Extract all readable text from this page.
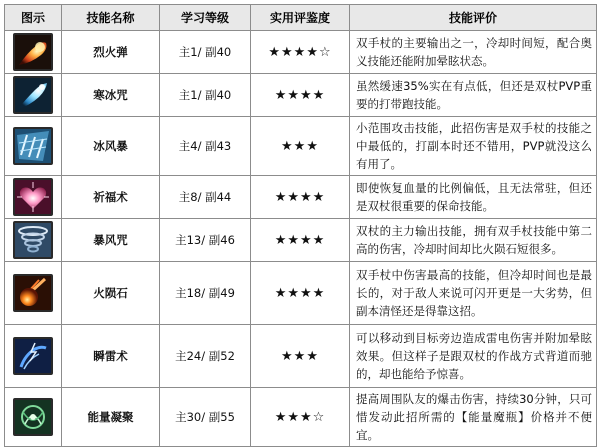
图示	技能名称	学习等级	实用评鉴度	技能评价

	烈火弹	主1/ 副40	★★★★☆	双手杖的主要输出之一，冷却时间短，配合奥义技能还能附加晕眩状态。

	寒冰咒	主1/ 副40	★★★★	虽然缓速35%实在有点低，但还是双杖PVP重要的打带跑技能。

	冰风暴	主4/ 副43	★★★	小范围攻击技能，此招伤害是双手杖的技能之中最低的，打副本时还不错用，PVP就没这么有用了。

	祈福术	主8/ 副44	★★★★	即使恢复血量的比例偏低，且无法常驻，但还是双杖很重要的保命技能。

	暴风咒	主13/ 副46	★★★★	双杖的主力输出技能，拥有双手杖技能中第二高的伤害，冷却时间却比火陨石短很多。

	火陨石	主18/ 副49	★★★★	双手杖中伤害最高的技能，但冷却时间也是最长的，对于敌人来说可闪开更是一大劣势，但副本清怪还是得靠这招。

	瞬雷术	主24/ 副52	★★★	可以移动到目标旁边造成雷电伤害并附加晕眩效果。但这样子是跟双杖的作战方式背道而驰的，却也能给予惊喜。

	能量凝聚	主30/ 副55	★★★☆	提高周围队友的爆击伤害，持续30分钟，只可惜发动此招所需的【能量魔瓶】价格并不便宜。
